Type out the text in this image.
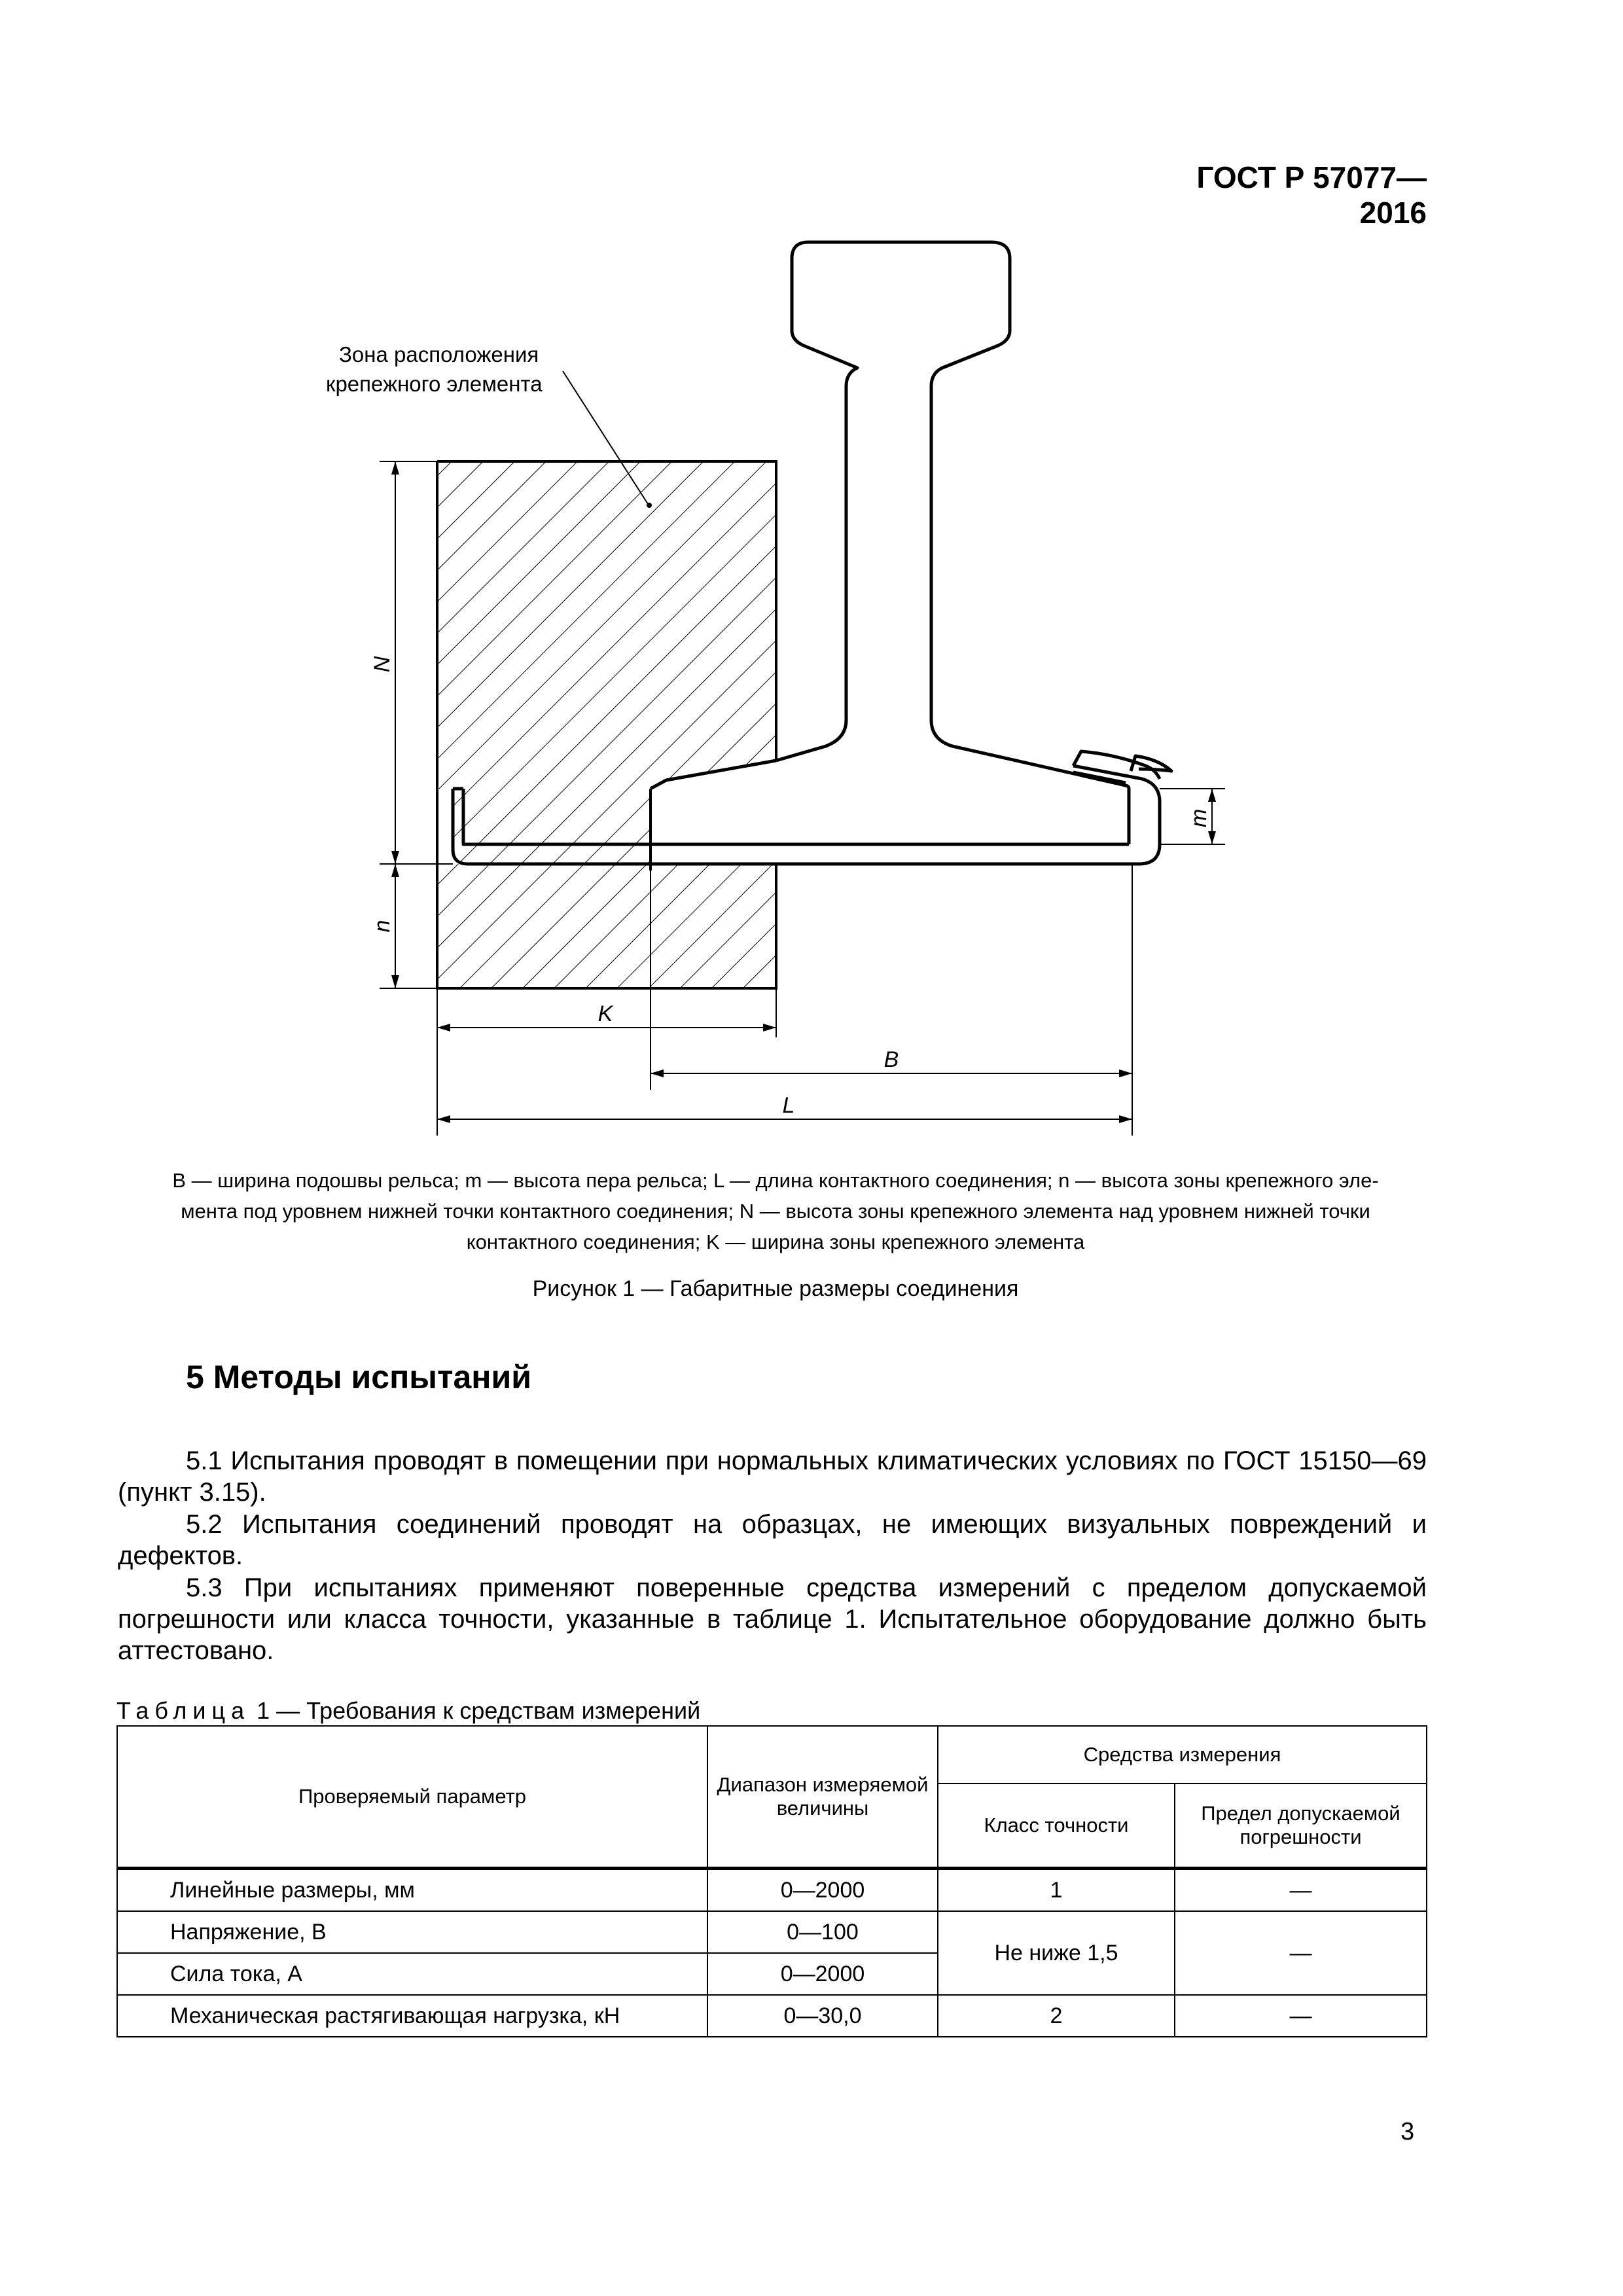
ГОСТ Р 57077—2016
Зона расположения
крепежного элемента
N
n
m
K
B
L
B — ширина подошвы рельса; m — высота пера рельса; L — длина контактного соединения; n — высота зоны крепежного эле-
мента под уровнем нижней точки контактного соединения; N — высота зоны крепежного элемента над уровнем нижней точки
контактного соединения; K — ширина зоны крепежного элемента
Рисунок 1 — Габаритные размеры соединения
5 Методы испытаний
5.1 Испытания проводят в помещении при нормальных климатических условиях по ГОСТ 15150—69 (пункт 3.15).
5.2 Испытания соединений проводят на образцах, не имеющих визуальных повреждений и дефектов.
5.3 При испытаниях применяют поверенные средства измерений с пределом допускаемой погрешности или класса точности, указанные в таблице 1. Испытательное оборудование должно быть аттестовано.
Таблица 1 — Требования к средствам измерений
Проверяемый параметр	Диапазон измеряемой величины	Средства измерения	
		Класс точности	Предел допускаемой погрешности
Линейные размеры, мм	0—2000	1	—
Напряжение, В	0—100	Не ниже 1,5	—
Сила тока, А	0—2000		
Механическая растягивающая нагрузка, кН	0—30,0	2	—
3
